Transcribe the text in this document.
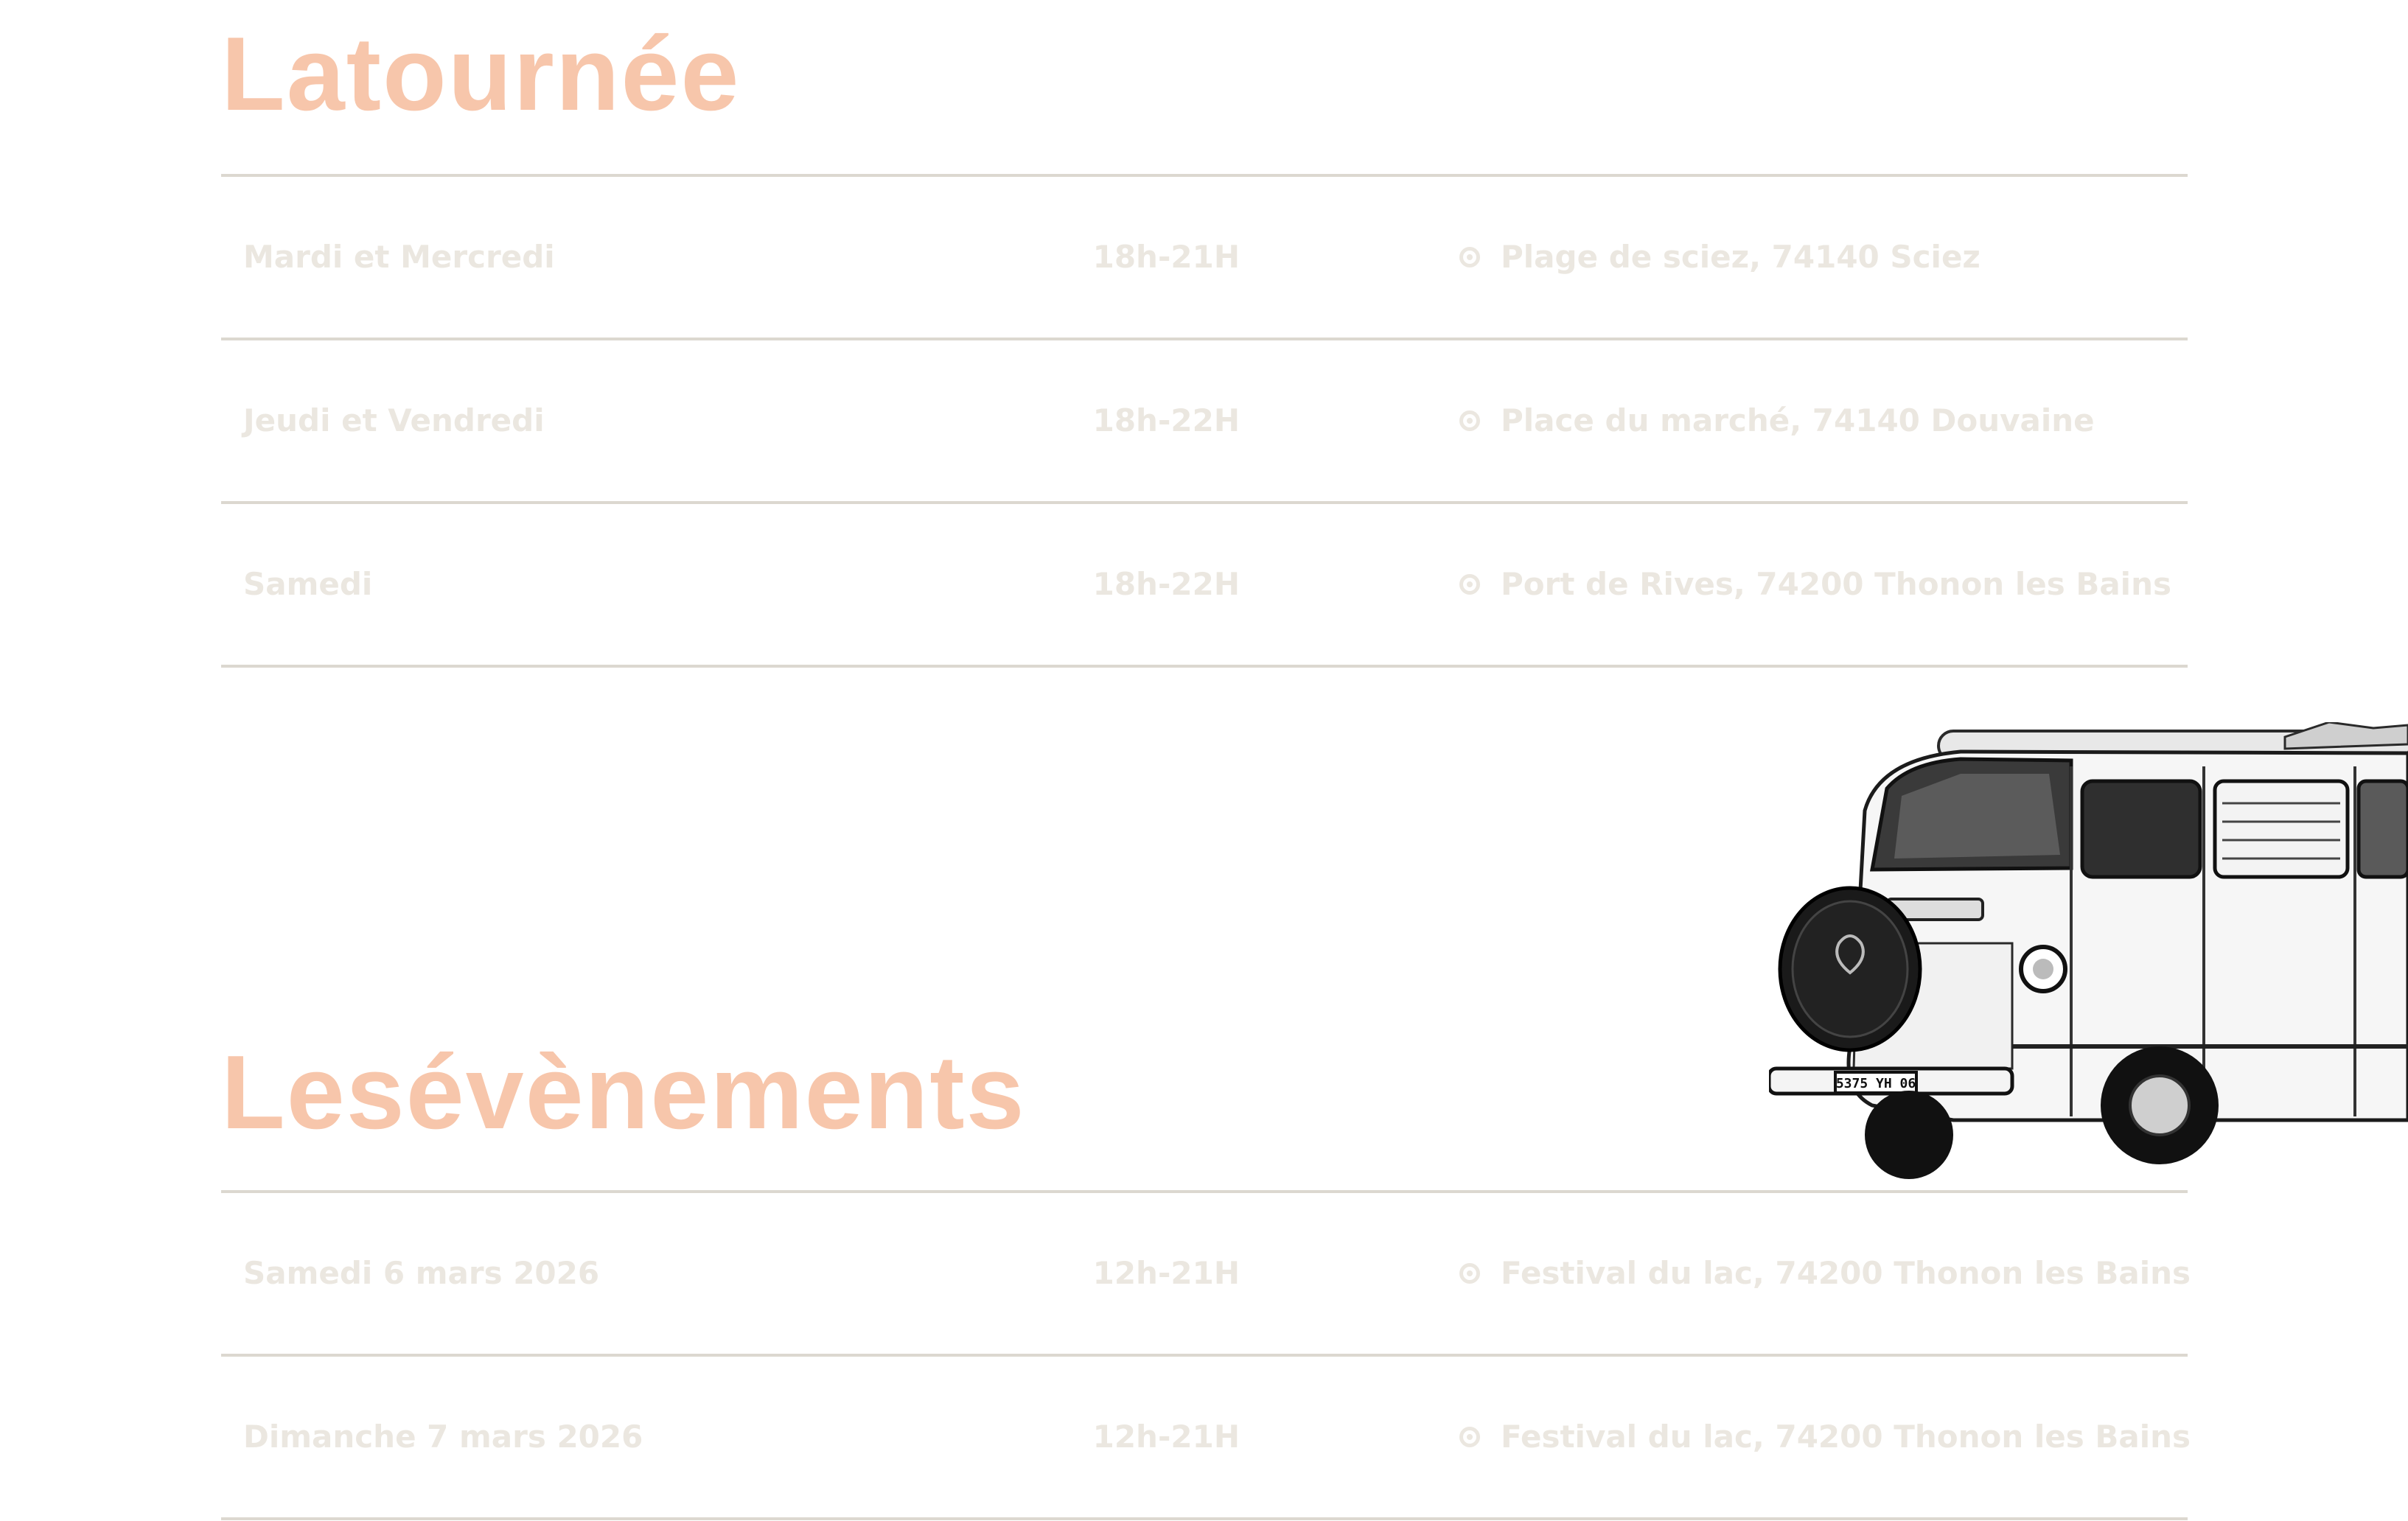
Latournée
Mardi et Mercredi	18h-21H	Plage de sciez, 74140 Sciez
Jeudi et Vendredi	18h-22H	Place du marché, 74140 Douvaine
Samedi	18h-22H	Port de Rives, 74200 Thonon les Bains
Lesévènements
Samedi 6 mars 2026	12h-21H	Festival du lac, 74200 Thonon les Bains
Dimanche 7 mars 2026	12h-21H	Festival du lac, 74200 Thonon les Bains
5375 YH 06
